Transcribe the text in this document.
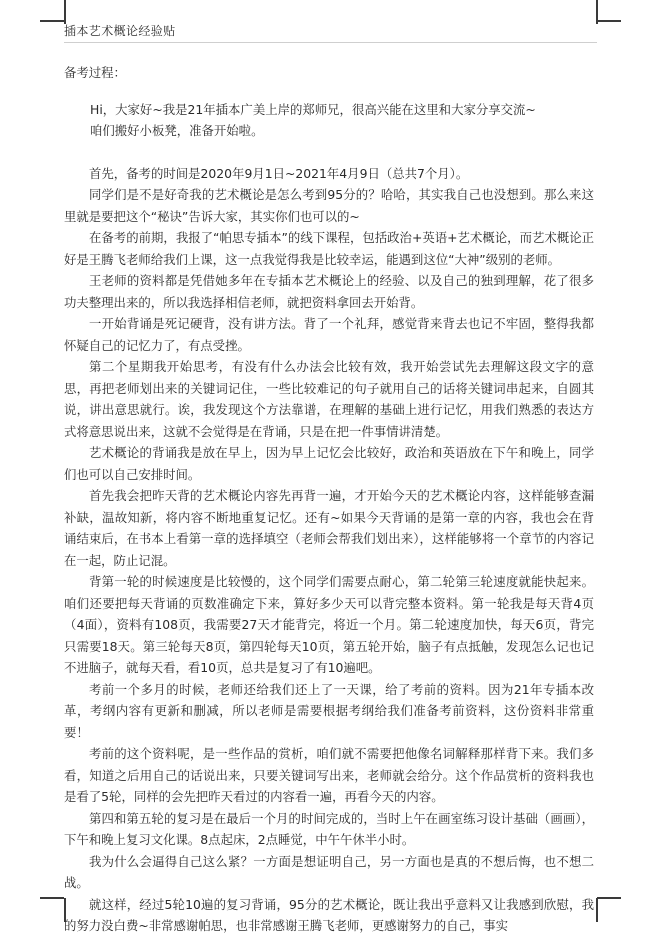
插本艺术概论经验贴
备考过程：

Hi，大家好~我是21年插本广美上岸的郑师兄，很高兴能在这里和大家分享交流~

咱们搬好小板凳，准备开始啦。

首先，备考的时间是2020年9月1日~2021年4月9日（总共7个月）。

同学们是不是好奇我的艺术概论是怎么考到95分的？哈哈，其实我自己也没想到。那么来这里就是要把这个“秘诀”告诉大家，其实你们也可以的~

在备考的前期，我报了“帕思专插本”的线下课程，包括政治+英语+艺术概论，而艺术概论正好是王腾飞老师给我们上课，这一点我觉得我是比较幸运，能遇到这位“大神”级别的老师。

王老师的资料都是凭借她多年在专插本艺术概论上的经验、以及自己的独到理解，花了很多功夫整理出来的，所以我选择相信老师，就把资料拿回去开始背。

一开始背诵是死记硬背，没有讲方法。背了一个礼拜，感觉背来背去也记不牢固，整得我都怀疑自己的记忆力了，有点受挫。

第二个星期我开始思考，有没有什么办法会比较有效，我开始尝试先去理解这段文字的意思，再把老师划出来的关键词记住，一些比较难记的句子就用自己的话将关键词串起来，自圆其说，讲出意思就行。诶，我发现这个方法靠谱，在理解的基础上进行记忆，用我们熟悉的表达方式将意思说出来，这就不会觉得是在背诵，只是在把一件事情讲清楚。

艺术概论的背诵我是放在早上，因为早上记忆会比较好，政治和英语放在下午和晚上，同学们也可以自己安排时间。

首先我会把昨天背的艺术概论内容先再背一遍，才开始今天的艺术概论内容，这样能够查漏补缺，温故知新，将内容不断地重复记忆。还有~如果今天背诵的是第一章的内容，我也会在背诵结束后，在书本上看第一章的选择填空（老师会帮我们划出来），这样能够将一个章节的内容记在一起，防止记混。

背第一轮的时候速度是比较慢的，这个同学们需要点耐心，第二轮第三轮速度就能快起来。咱们还要把每天背诵的页数准确定下来，算好多少天可以背完整本资料。第一轮我是每天背4页（4面），资料有108页，我需要27天才能背完，将近一个月。第二轮速度加快，每天6页，背完只需要18天。第三轮每天8页，第四轮每天10页，第五轮开始，脑子有点抵触，发现怎么记也记不进脑子，就每天看，看10页，总共是复习了有10遍吧。

考前一个多月的时候，老师还给我们还上了一天课，给了考前的资料。因为21年专插本改革，考纲内容有更新和删减，所以老师是需要根据考纲给我们准备考前资料，这份资料非常重要！

考前的这个资料呢，是一些作品的赏析，咱们就不需要把他像名词解释那样背下来。我们多看，知道之后用自己的话说出来，只要关键词写出来，老师就会给分。这个作品赏析的资料我也是看了5轮，同样的会先把昨天看过的内容看一遍，再看今天的内容。

第四和第五轮的复习是在最后一个月的时间完成的，当时上午在画室练习设计基础（画画），下午和晚上复习文化课。8点起床，2点睡觉，中午午休半小时。

我为什么会逼得自己这么紧？一方面是想证明自己，另一方面也是真的不想后悔，也不想二战。

就这样，经过5轮10遍的复习背诵，95分的艺术概论，既让我出乎意料又让我感到欣慰，我的努力没白费~非常感谢帕思，也非常感谢王腾飞老师，更感谢努力的自己，事实
